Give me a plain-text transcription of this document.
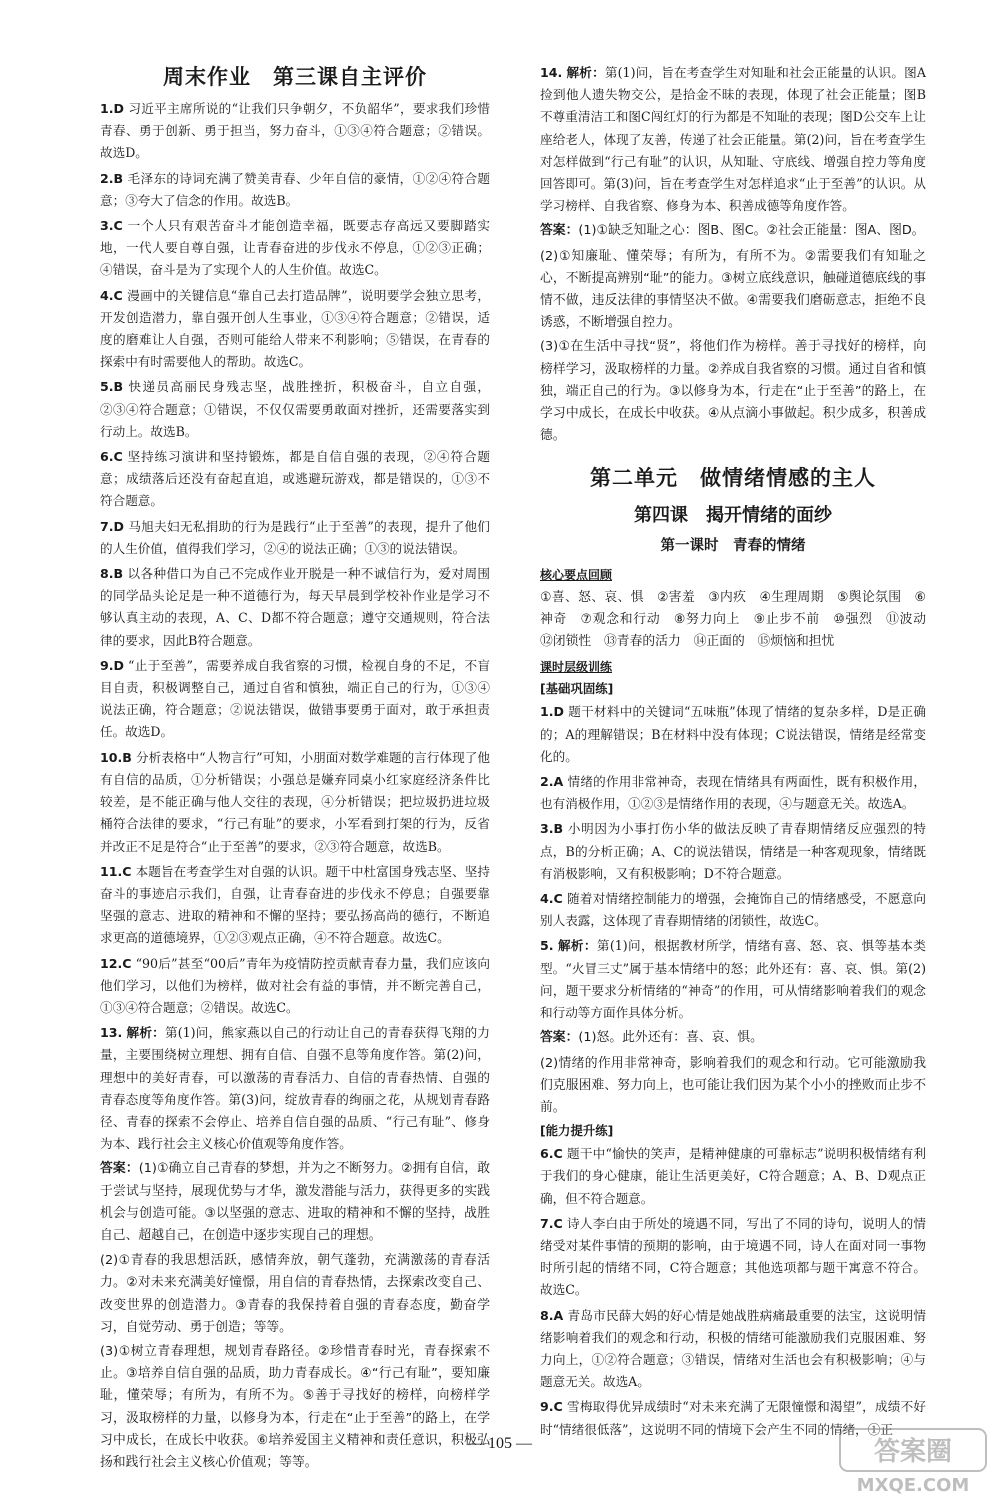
周末作业　第三课自主评价
1.D 习近平主席所说的“让我们只争朝夕，不负韶华”，要求我们珍惜青春、勇于创新、勇于担当，努力奋斗，①③④符合题意；②错误。故选D。
2.B 毛泽东的诗词充满了赞美青春、少年自信的豪情，①②④符合题意；③夸大了信念的作用。故选B。
3.C 一个人只有艰苦奋斗才能创造幸福，既要志存高远又要脚踏实地，一代人要自尊自强，让青春奋进的步伐永不停息，①②③正确；④错误，奋斗是为了实现个人的人生价值。故选C。
4.C 漫画中的关键信息“靠自己去打造品牌”，说明要学会独立思考，开发创造潜力，靠自强开创人生事业，①③④符合题意；②错误，适度的磨难让人自强，否则可能给人带来不利影响；⑤错误，在青春的探索中有时需要他人的帮助。故选C。
5.B 快递员高丽民身残志坚，战胜挫折，积极奋斗，自立自强，②③④符合题意；①错误，不仅仅需要勇敢面对挫折，还需要落实到行动上。故选B。
6.C 坚持练习演讲和坚持锻炼，都是自信自强的表现，②④符合题意；成绩落后还没有奋起直追，或逃避玩游戏，都是错误的，①③不符合题意。
7.D 马旭夫妇无私捐助的行为是践行“止于至善”的表现，提升了他们的人生价值，值得我们学习，②④的说法正确；①③的说法错误。
8.B 以各种借口为自己不完成作业开脱是一种不诚信行为，爱对周围的同学品头论足是一种不道德行为，每天早晨到学校补作业是学习不够认真主动的表现，A、C、D都不符合题意；遵守交通规则，符合法律的要求，因此B符合题意。
9.D “止于至善”，需要养成自我省察的习惯，检视自身的不足，不盲目自责，积极调整自己，通过自省和慎独，端正自己的行为，①③④说法正确，符合题意；②说法错误，做错事要勇于面对，敢于承担责任。故选D。
10.B 分析表格中“人物言行”可知，小朋面对数学难题的言行体现了他有自信的品质，①分析错误；小强总是嫌弃同桌小红家庭经济条件比较差，是不能正确与他人交往的表现，④分析错误；把垃圾扔进垃圾桶符合法律的要求，“行己有耻”的要求，小军看到打架的行为，反省并改正不足是符合“止于至善”的要求，②③符合题意，故选B。
11.C 本题旨在考查学生对自强的认识。题干中杜富国身残志坚、坚持奋斗的事迹启示我们，自强，让青春奋进的步伐永不停息；自强要靠坚强的意志、进取的精神和不懈的坚持；要弘扬高尚的德行，不断追求更高的道德境界，①②③观点正确，④不符合题意。故选C。
12.C “90后”甚至“00后”青年为疫情防控贡献青春力量，我们应该向他们学习，以他们为榜样，做对社会有益的事情，并不断完善自己，①③④符合题意；②错误。故选C。
13. 解析：第(1)问，熊家燕以自己的行动让自己的青春获得飞翔的力量，主要围绕树立理想、拥有自信、自强不息等角度作答。第(2)问，理想中的美好青春，可以激荡的青春活力、自信的青春热情、自强的青春态度等角度作答。第(3)问，绽放青春的绚丽之花，从规划青春路径、青春的探索不会停止、培养自信自强的品质、“行己有耻”、修身为本、践行社会主义核心价值观等角度作答。
答案：(1)①确立自己青春的梦想，并为之不断努力。②拥有自信，敢于尝试与坚持，展现优势与才华，激发潜能与活力，获得更多的实践机会与创造可能。③以坚强的意志、进取的精神和不懈的坚持，战胜自己、超越自己，在创造中逐步实现自己的理想。
(2)①青春的我思想活跃，感情奔放，朝气蓬勃，充满激荡的青春活力。②对未来充满美好憧憬，用自信的青春热情，去探索改变自己、改变世界的创造潜力。③青春的我保持着自强的青春态度，勤奋学习，自觉劳动、勇于创造；等等。
(3)①树立青春理想，规划青春路径。②珍惜青春时光，青春探索不止。③培养自信自强的品质，助力青春成长。④“行己有耻”，要知廉耻，懂荣辱；有所为，有所不为。⑤善于寻找好的榜样，向榜样学习，汲取榜样的力量，以修身为本，行走在“止于至善”的路上，在学习中成长，在成长中收获。⑥培养爱国主义精神和责任意识，积极弘扬和践行社会主义核心价值观；等等。
14. 解析：第(1)问，旨在考查学生对知耻和社会正能量的认识。图A捡到他人遗失物交公，是拾金不昧的表现，体现了社会正能量；图B不尊重清洁工和图C闯红灯的行为都是不知耻的表现；图D公交车上让座给老人，体现了友善，传递了社会正能量。第(2)问，旨在考查学生对怎样做到“行己有耻”的认识，从知耻、守底线、增强自控力等角度回答即可。第(3)问，旨在考查学生对怎样追求“止于至善”的认识。从学习榜样、自我省察、修身为本、积善成德等角度作答。
答案：(1)①缺乏知耻之心：图B、图C。②社会正能量：图A、图D。
(2)①知廉耻、懂荣辱；有所为，有所不为。②需要我们有知耻之心，不断提高辨别“耻”的能力。③树立底线意识，触碰道德底线的事情不做，违反法律的事情坚决不做。④需要我们磨砺意志，拒绝不良诱惑，不断增强自控力。
(3)①在生活中寻找“贤”，将他们作为榜样。善于寻找好的榜样，向榜样学习，汲取榜样的力量。②养成自我省察的习惯。通过自省和慎独，端正自己的行为。③以修身为本，行走在“止于至善”的路上，在学习中成长，在成长中收获。④从点滴小事做起。积少成多，积善成德。
第二单元　做情绪情感的主人
第四课　揭开情绪的面纱
第一课时　青春的情绪
核心要点回顾
①喜、怒、哀、惧　②害羞　③内疚　④生理周期　⑤舆论氛围　⑥神奇　⑦观念和行动　⑧努力向上　⑨止步不前　⑩强烈　⑪波动　⑫闭锁性　⑬青春的活力　⑭正面的　⑮烦恼和担忧
课时层级训练
[基础巩固练]
1.D 题干材料中的关键词“五味瓶”体现了情绪的复杂多样，D是正确的；A的理解错误；B在材料中没有体现；C说法错误，情绪是经常变化的。
2.A 情绪的作用非常神奇，表现在情绪具有两面性，既有积极作用，也有消极作用，①②③是情绪作用的表现，④与题意无关。故选A。
3.B 小明因为小事打伤小华的做法反映了青春期情绪反应强烈的特点，B的分析正确；A、C的说法错误，情绪是一种客观现象，情绪既有消极影响，又有积极影响；D不符合题意。
4.C 随着对情绪控制能力的增强，会掩饰自己的情绪感受，不愿意向别人表露，这体现了青春期情绪的闭锁性，故选C。
5. 解析：第(1)问，根据教材所学，情绪有喜、怒、哀、惧等基本类型。“火冒三丈”属于基本情绪中的怒；此外还有：喜、哀、惧。第(2)问，题干要求分析情绪的“神奇”的作用，可从情绪影响着我们的观念和行动等方面作具体分析。
答案：(1)怒。此外还有：喜、哀、惧。
(2)情绪的作用非常神奇，影响着我们的观念和行动。它可能激励我们克服困难、努力向上，也可能让我们因为某个小小的挫败而止步不前。
[能力提升练]
6.C 题干中“愉快的笑声，是精神健康的可靠标志”说明积极情绪有利于我们的身心健康，能让生活更美好，C符合题意；A、B、D观点正确，但不符合题意。
7.C 诗人李白由于所处的境遇不同，写出了不同的诗句，说明人的情绪受对某件事情的预期的影响，由于境遇不同，诗人在面对同一事物时所引起的情绪不同，C符合题意；其他选项都与题干寓意不符合。故选C。
8.A 青岛市民薛大妈的好心情是她战胜病痛最重要的法宝，这说明情绪影响着我们的观念和行动，积极的情绪可能激励我们克服困难、努力向上，①②符合题意；③错误，情绪对生活也会有积极影响；④与题意无关。故选A。
9.C 雪梅取得优异成绩时“对未来充满了无限憧憬和渴望”，成绩不好时“情绪很低落”，这说明不同的情境下会产生不同的情绪，①正
— 105 —	答案圈
MXQE.COM
